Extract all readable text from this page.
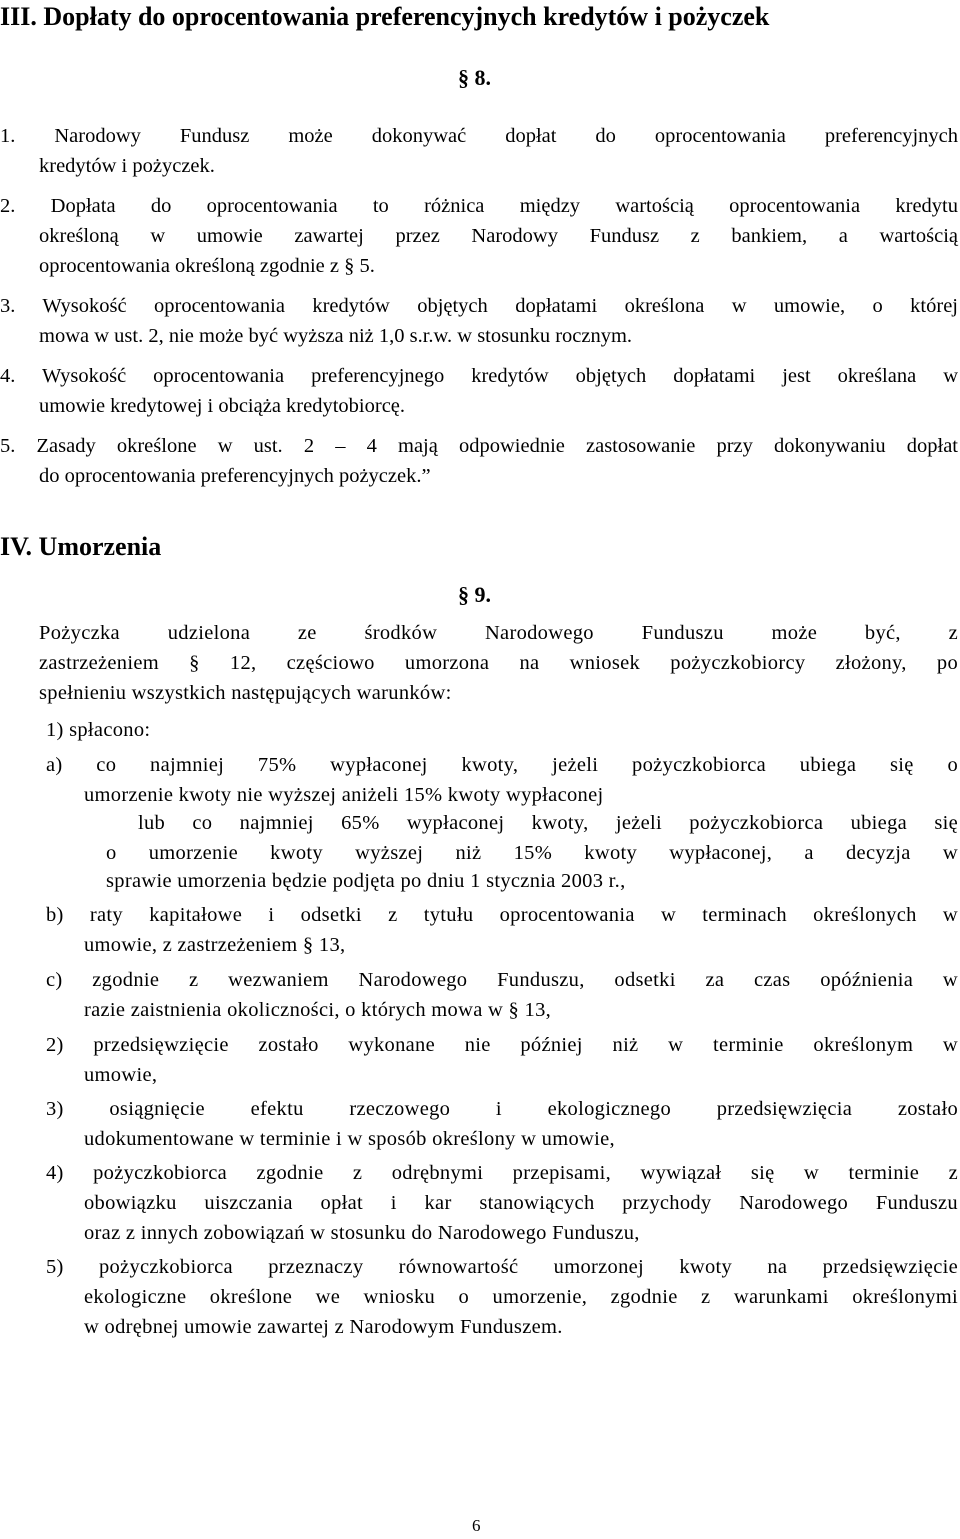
III. Dopłaty do oprocentowania preferencyjnych kredytów i pożyczek
§ 8.
1. Narodowy Fundusz może dokonywać dopłat do oprocentowania preferencyjnych
kredytów i pożyczek.
2. Dopłata do oprocentowania to różnica między wartością oprocentowania kredytu
określoną w umowie zawartej przez Narodowy Fundusz z bankiem, a wartością
oprocentowania określoną zgodnie z § 5.
3. Wysokość oprocentowania kredytów objętych dopłatami określona w umowie, o której
mowa w ust. 2, nie może być wyższa niż 1,0 s.r.w. w stosunku rocznym.
4. Wysokość oprocentowania preferencyjnego kredytów objętych dopłatami jest określana w
umowie kredytowej i obciąża kredytobiorcę.
5. Zasady określone w ust. 2 – 4 mają odpowiednie zastosowanie przy dokonywaniu dopłat
do oprocentowania preferencyjnych pożyczek.”
IV. Umorzenia
§ 9.
Pożyczka udzielona ze środków Narodowego Funduszu może być, z
zastrzeżeniem § 12, częściowo umorzona na wniosek pożyczkobiorcy złożony, po
spełnieniu wszystkich następujących warunków:
1) spłacono:
a) co najmniej 75% wypłaconej kwoty, jeżeli pożyczkobiorca ubiega się o
umorzenie kwoty nie wyższej aniżeli 15% kwoty wypłaconej
lub co najmniej 65% wypłaconej kwoty, jeżeli pożyczkobiorca ubiega się
o umorzenie kwoty wyższej niż 15% kwoty wypłaconej, a decyzja w
sprawie umorzenia będzie podjęta po dniu 1 stycznia 2003 r.,
b) raty kapitałowe i odsetki z tytułu oprocentowania w terminach określonych w
umowie, z zastrzeżeniem § 13,
c) zgodnie z wezwaniem Narodowego Funduszu, odsetki za czas opóźnienia w
razie zaistnienia okoliczności, o których mowa w § 13,
2) przedsięwzięcie zostało wykonane nie później niż w terminie określonym w
umowie,
3) osiągnięcie efektu rzeczowego i ekologicznego przedsięwzięcia zostało
udokumentowane w terminie i w sposób określony w umowie,
4) pożyczkobiorca zgodnie z odrębnymi przepisami, wywiązał się w terminie z
obowiązku uiszczania opłat i kar stanowiących przychody Narodowego Funduszu
oraz z innych zobowiązań w stosunku do Narodowego Funduszu,
5) pożyczkobiorca przeznaczy równowartość umorzonej kwoty na przedsięwzięcie
ekologiczne określone we wniosku o umorzenie, zgodnie z warunkami określonymi
w odrębnej umowie zawartej z Narodowym Funduszem.
6
